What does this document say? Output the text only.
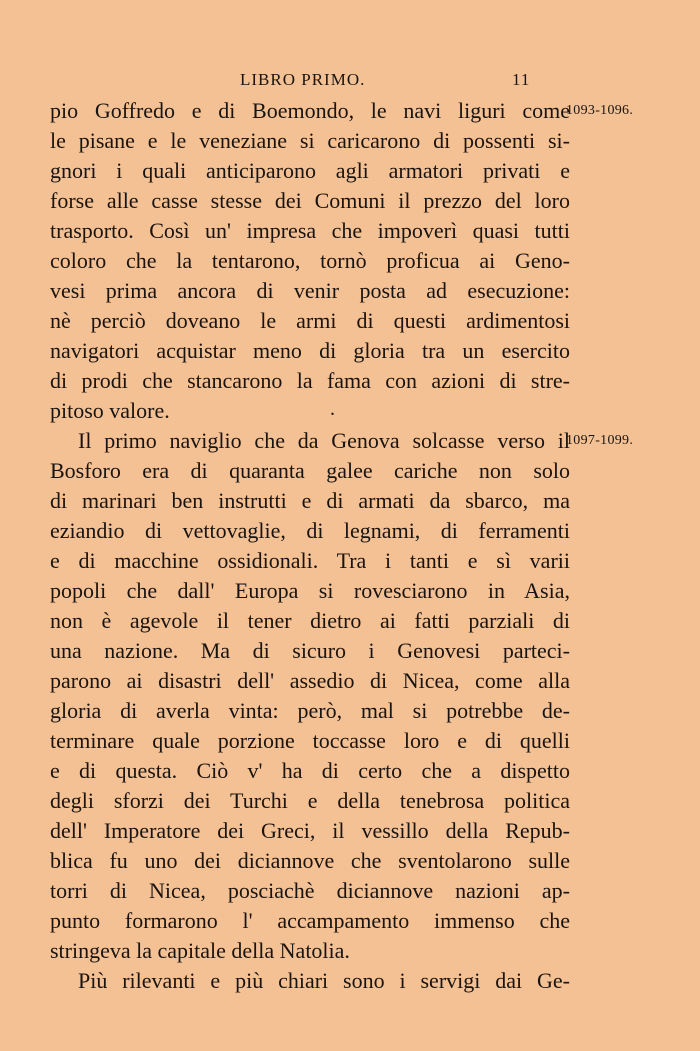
LIBRO PRIMO.	11
pio Goffredo e di Boemondo, le navi liguri come
le pisane e le veneziane si caricarono di possenti si-
gnori i quali anticiparono agli armatori privati e
forse alle casse stesse dei Comuni il prezzo del loro
trasporto. Così un' impresa che impoverì quasi tutti
coloro che la tentarono, tornò proficua ai Geno-
vesi prima ancora di venir posta ad esecuzione:
nè perciò doveano le armi di questi ardimentosi
navigatori acquistar meno di gloria tra un esercito
di prodi che stancarono la fama con azioni di stre-
pitoso valore.
Il primo naviglio che da Genova solcasse verso il
Bosforo era di quaranta galee cariche non solo
di marinari ben instrutti e di armati da sbarco, ma
eziandio di vettovaglie, di legnami, di ferramenti
e di macchine ossidionali. Tra i tanti e sì varii
popoli che dall' Europa si rovesciarono in Asia,
non è agevole il tener dietro ai fatti parziali di
una nazione. Ma di sicuro i Genovesi parteci-
parono ai disastri dell' assedio di Nicea, come alla
gloria di averla vinta: però, mal si potrebbe de-
terminare quale porzione toccasse loro e di quelli
e di questa. Ciò v' ha di certo che a dispetto
degli sforzi dei Turchi e della tenebrosa politica
dell' Imperatore dei Greci, il vessillo della Repub-
blica fu uno dei diciannove che sventolarono sulle
torri di Nicea, posciachè diciannove nazioni ap-
punto formarono l' accampamento immenso che
stringeva la capitale della Natolia.
Più rilevanti e più chiari sono i servigi dai Ge-
1093-1096.
1097-1099.
.
